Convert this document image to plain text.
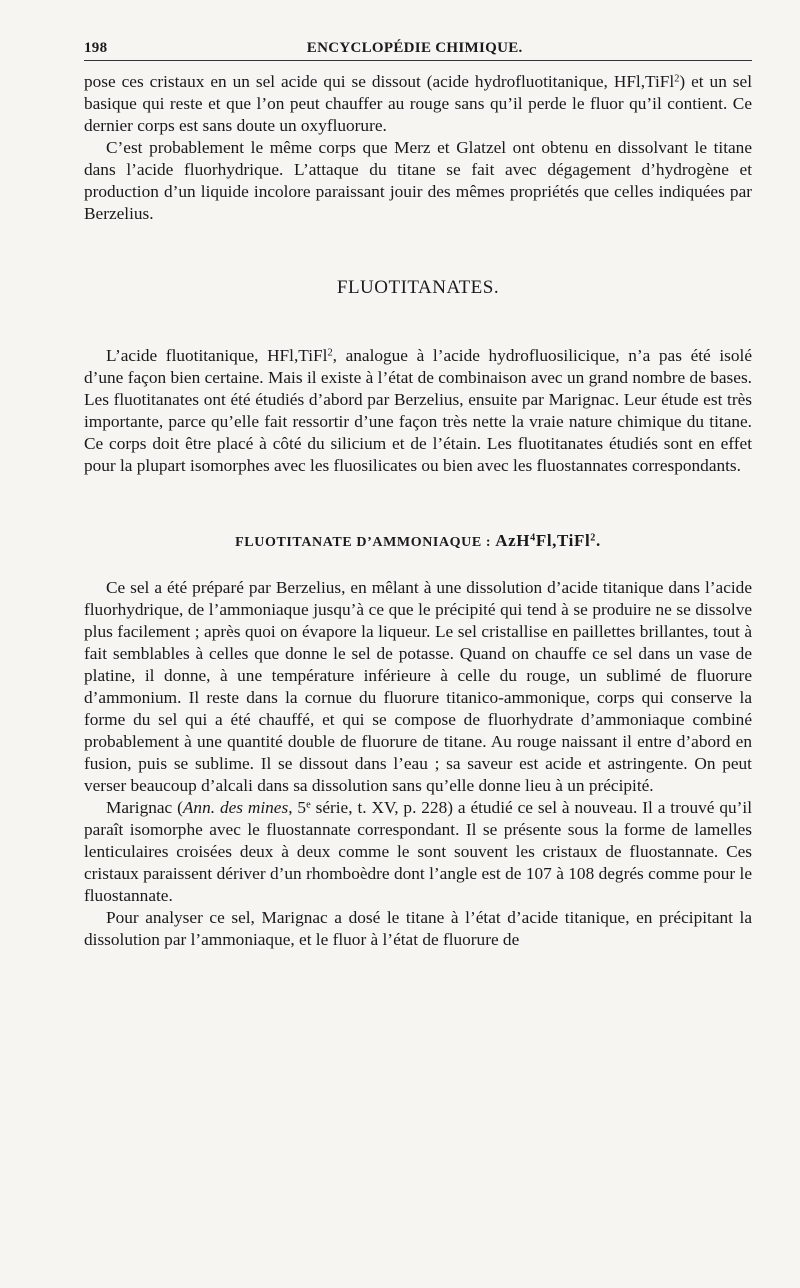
198	ENCYCLOPÉDIE CHIMIQUE.

pose ces cristaux en un sel acide qui se dissout (acide hydrofluotitanique, HFl,TiFl$^2$) et un sel basique qui reste et que l’on peut chauffer au rouge sans qu’il perde le fluor qu’il contient. Ce dernier corps est sans doute un oxyfluorure.

C’est probablement le même corps que Merz et Glatzel ont obtenu en dissolvant le titane dans l’acide fluorhydrique. L’attaque du titane se fait avec dégagement d’hydrogène et production d’un liquide incolore paraissant jouir des mêmes propriétés que celles indiquées par Berzelius.

FLUOTITANATES.

L’acide fluotitanique, HFl,TiFl$^2$, analogue à l’acide hydrofluosilicique, n’a pas été isolé d’une façon bien certaine. Mais il existe à l’état de combinaison avec un grand nombre de bases. Les fluotitanates ont été étudiés d’abord par Berzelius, ensuite par Marignac. Leur étude est très importante, parce qu’elle fait ressortir d’une façon très nette la vraie nature chimique du titane. Ce corps doit être placé à côté du silicium et de l’étain. Les fluotitanates étudiés sont en effet pour la plupart isomorphes avec les fluosilicates ou bien avec les fluostannates correspondants.

FLUOTITANATE D’AMMONIAQUE : AzH$^4$Fl,TiFl$^2$.

Ce sel a été préparé par Berzelius, en mêlant à une dissolution d’acide titanique dans l’acide fluorhydrique, de l’ammoniaque jusqu’à ce que le précipité qui tend à se produire ne se dissolve plus facilement ; après quoi on évapore la liqueur. Le sel cristallise en paillettes brillantes, tout à fait semblables à celles que donne le sel de potasse. Quand on chauffe ce sel dans un vase de platine, il donne, à une température inférieure à celle du rouge, un sublimé de fluorure d’ammonium. Il reste dans la cornue du fluorure titanico-ammonique, corps qui conserve la forme du sel qui a été chauffé, et qui se compose de fluorhydrate d’ammoniaque combiné probablement à une quantité double de fluorure de titane. Au rouge naissant il entre d’abord en fusion, puis se sublime. Il se dissout dans l’eau ; sa saveur est acide et astringente. On peut verser beaucoup d’alcali dans sa dissolution sans qu’elle donne lieu à un précipité.

Marignac (Ann. des mines, 5e série, t. XV, p. 228) a étudié ce sel à nouveau. Il a trouvé qu’il paraît isomorphe avec le fluostannate correspondant. Il se présente sous la forme de lamelles lenticulaires croisées deux à deux comme le sont souvent les cristaux de fluostannate. Ces cristaux paraissent dériver d’un rhomboèdre dont l’angle est de 107 à 108 degrés comme pour le fluostannate.

Pour analyser ce sel, Marignac a dosé le titane à l’état d’acide titanique, en précipitant la dissolution par l’ammoniaque, et le fluor à l’état de fluorure de
